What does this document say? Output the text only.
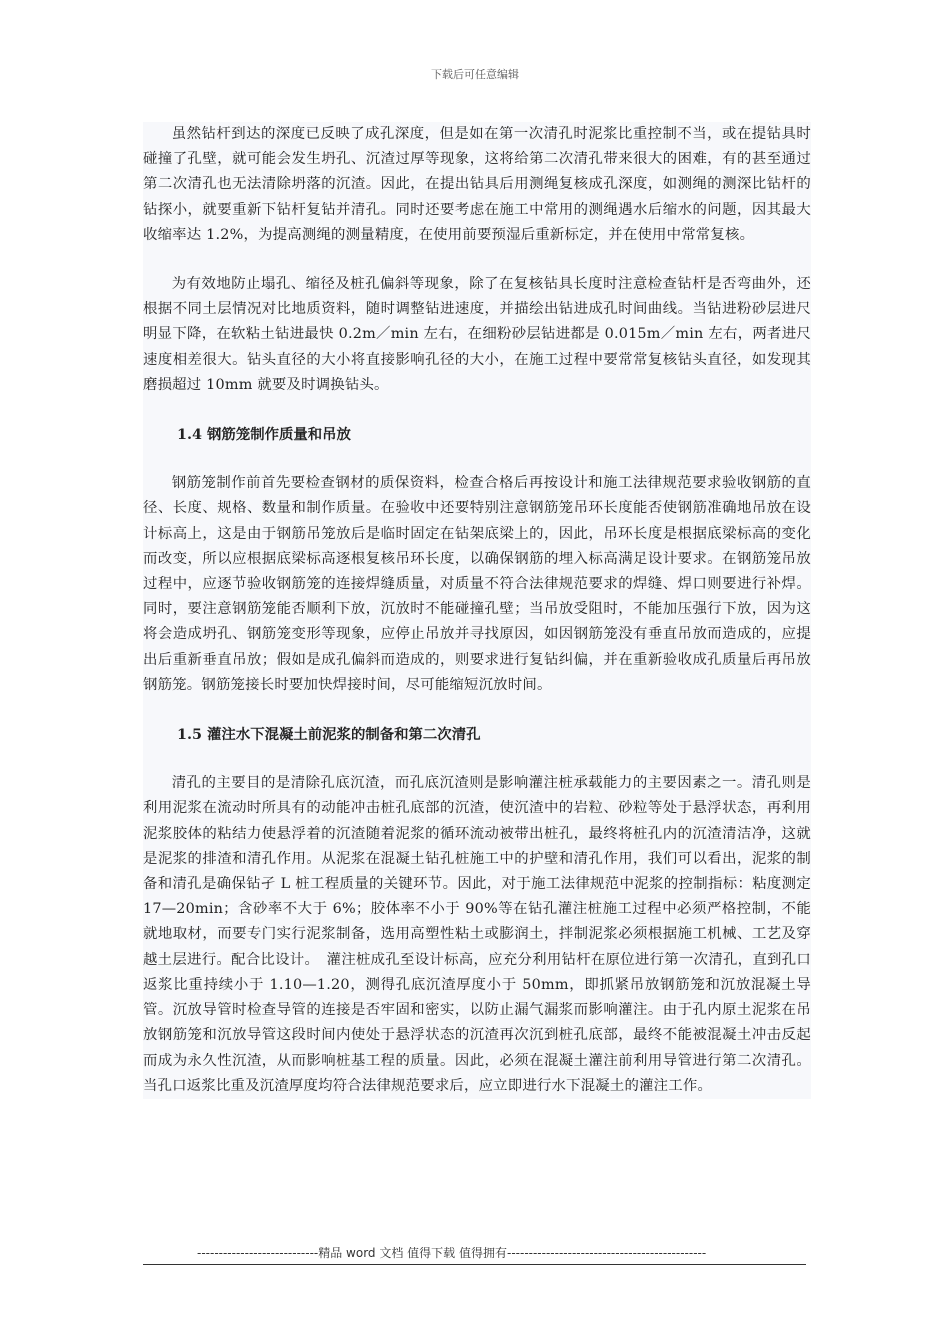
下载后可任意编辑

虽然钻杆到达的深度已反映了成孔深度，但是如在第一次清孔时泥浆比重控制不当，或在提钻具时碰撞了孔壁，就可能会发生坍孔、沉渣过厚等现象，这将给第二次清孔带来很大的困难，有的甚至通过第二次清孔也无法清除坍落的沉渣。因此，在提出钻具后用测绳复核成孔深度，如测绳的测深比钻杆的钻探小，就要重新下钻杆复钻并清孔。同时还要考虑在施工中常用的测绳遇水后缩水的问题，因其最大收缩率达 1.2%，为提高测绳的测量精度，在使用前要预湿后重新标定，并在使用中常常复核。

为有效地防止塌孔、缩径及桩孔偏斜等现象，除了在复核钻具长度时注意检查钻杆是否弯曲外，还根据不同土层情况对比地质资料，随时调整钻进速度，并描绘出钻进成孔时间曲线。当钻进粉砂层进尺明显下降，在软粘土钻进最快 0.2m／min 左右，在细粉砂层钻进都是 0.015m／min 左右，两者进尺速度相差很大。钻头直径的大小将直接影响孔径的大小，在施工过程中要常常复核钻头直径，如发现其磨损超过 10mm 就要及时调换钻头。

1.4 钢筋笼制作质量和吊放

钢筋笼制作前首先要检查钢材的质保资料，检查合格后再按设计和施工法律规范要求验收钢筋的直径、长度、规格、数量和制作质量。在验收中还要特别注意钢筋笼吊环长度能否使钢筋准确地吊放在设计标高上，这是由于钢筋吊笼放后是临时固定在钻架底梁上的，因此，吊环长度是根据底梁标高的变化而改变，所以应根据底梁标高逐根复核吊环长度，以确保钢筋的埋入标高满足设计要求。在钢筋笼吊放过程中，应逐节验收钢筋笼的连接焊缝质量，对质量不符合法律规范要求的焊缝、焊口则要进行补焊。同时，要注意钢筋笼能否顺利下放，沉放时不能碰撞孔壁；当吊放受阻时，不能加压强行下放，因为这将会造成坍孔、钢筋笼变形等现象，应停止吊放并寻找原因，如因钢筋笼没有垂直吊放而造成的，应提出后重新垂直吊放；假如是成孔偏斜而造成的，则要求进行复钻纠偏，并在重新验收成孔质量后再吊放钢筋笼。钢筋笼接长时要加快焊接时间，尽可能缩短沉放时间。

1.5 灌注水下混凝土前泥浆的制备和第二次清孔

清孔的主要目的是清除孔底沉渣，而孔底沉渣则是影响灌注桩承载能力的主要因素之一。清孔则是利用泥浆在流动时所具有的动能冲击桩孔底部的沉渣，使沉渣中的岩粒、砂粒等处于悬浮状态，再利用泥浆胶体的粘结力使悬浮着的沉渣随着泥浆的循环流动被带出桩孔，最终将桩孔内的沉渣清洁净，这就是泥浆的排渣和清孔作用。从泥浆在混凝土钻孔桩施工中的护壁和清孔作用，我们可以看出，泥浆的制备和清孔是确保钻孑 L 桩工程质量的关键环节。因此，对于施工法律规范中泥浆的控制指标：粘度测定 17—20min；含砂率不大于 6%；胶体率不小于 90%等在钻孔灌注桩施工过程中必须严格控制，不能就地取材，而要专门实行泥浆制备，选用高塑性粘土或膨润土，拌制泥浆必须根据施工机械、工艺及穿越土层进行。配合比设计。　灌注桩成孔至设计标高，应充分利用钻杆在原位进行第一次清孔，直到孔口返浆比重持续小于 1.10—1.20，测得孔底沉渣厚度小于 50mm，即抓紧吊放钢筋笼和沉放混凝土导管。沉放导管时检查导管的连接是否牢固和密实，以防止漏气漏浆而影响灌注。由于孔内原土泥浆在吊放钢筋笼和沉放导管这段时间内使处于悬浮状态的沉渣再次沉到桩孔底部，最终不能被混凝土冲击反起而成为永久性沉渣，从而影响桩基工程的质量。因此，必须在混凝土灌注前利用导管进行第二次清孔。当孔口返浆比重及沉渣厚度均符合法律规范要求后，应立即进行水下混凝土的灌注工作。

----------------------------精品 word 文档 值得下载 值得拥有----------------------------------------------
